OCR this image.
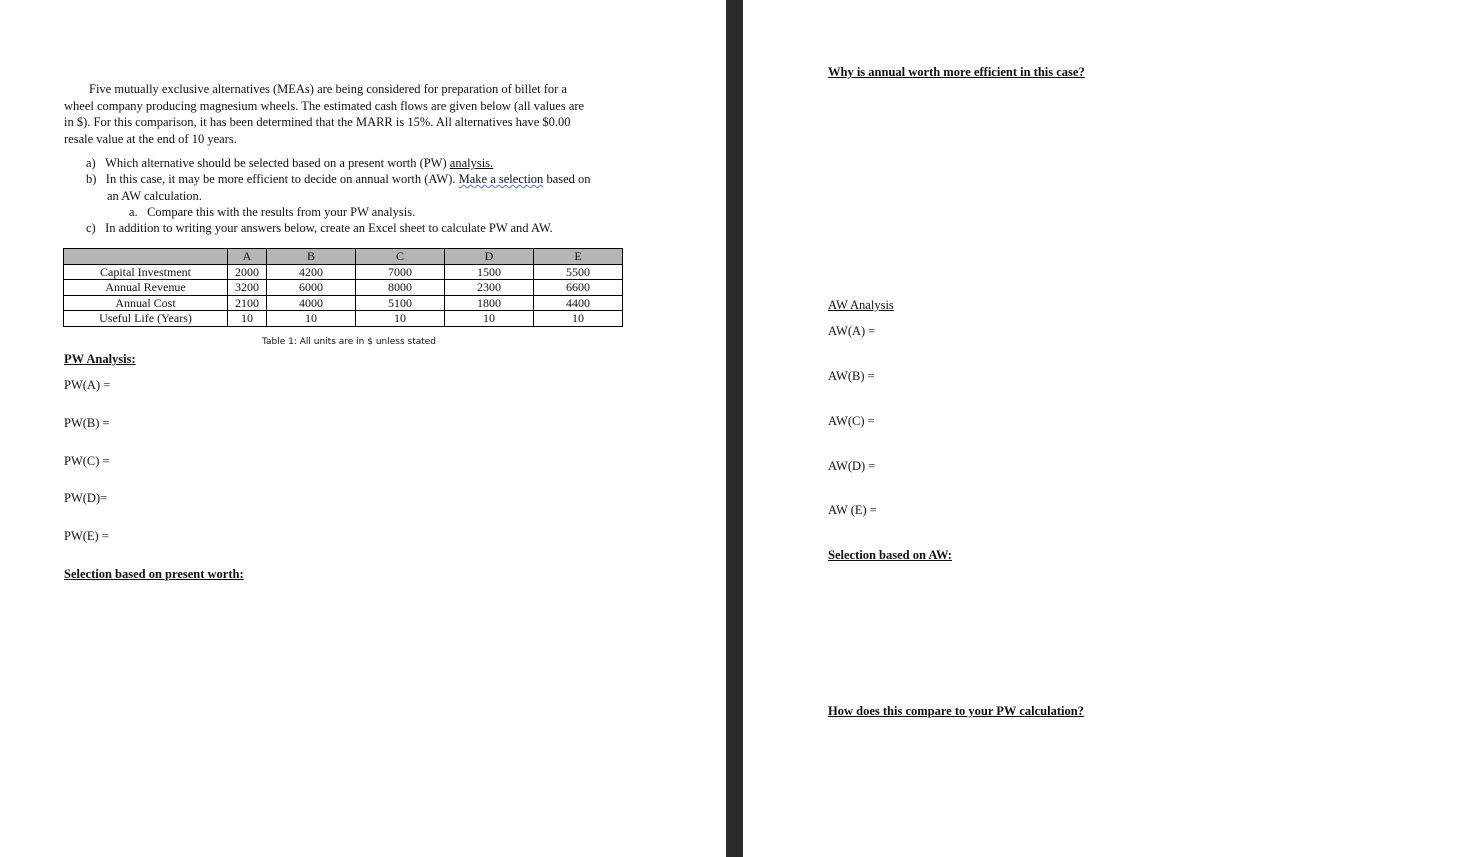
Five mutually exclusive alternatives (MEAs) are being considered for preparation of billet for a
wheel company producing magnesium wheels. The estimated cash flows are given below (all values are
in $). For this comparison, it has been determined that the MARR is 15%. All alternatives have $0.00
resale value at the end of 10 years.
a) Which alternative should be selected based on a present worth (PW) analysis.
b) In this case, it may be more efficient to decide on annual worth (AW). Make a selection based on
an AW calculation.
a. Compare this with the results from your PW analysis.
c) In addition to writing your answers below, create an Excel sheet to calculate PW and AW.
	A	B	C	D	E
Capital Investment	2000	4200	7000	1500	5500
Annual Revenue	3200	6000	8000	2300	6600
Annual Cost	2100	4000	5100	1800	4400
Useful Life (Years)	10	10	10	10	10
Table 1: All units are in $ unless stated
PW Analysis:
PW(A) =
PW(B) =
PW(C) =
PW(D)=
PW(E) =
Selection based on present worth:
Why is annual worth more efficient in this case?
AW Analysis
AW(A) =
AW(B) =
AW(C) =
AW(D) =
AW (E) =
Selection based on AW:
How does this compare to your PW calculation?
